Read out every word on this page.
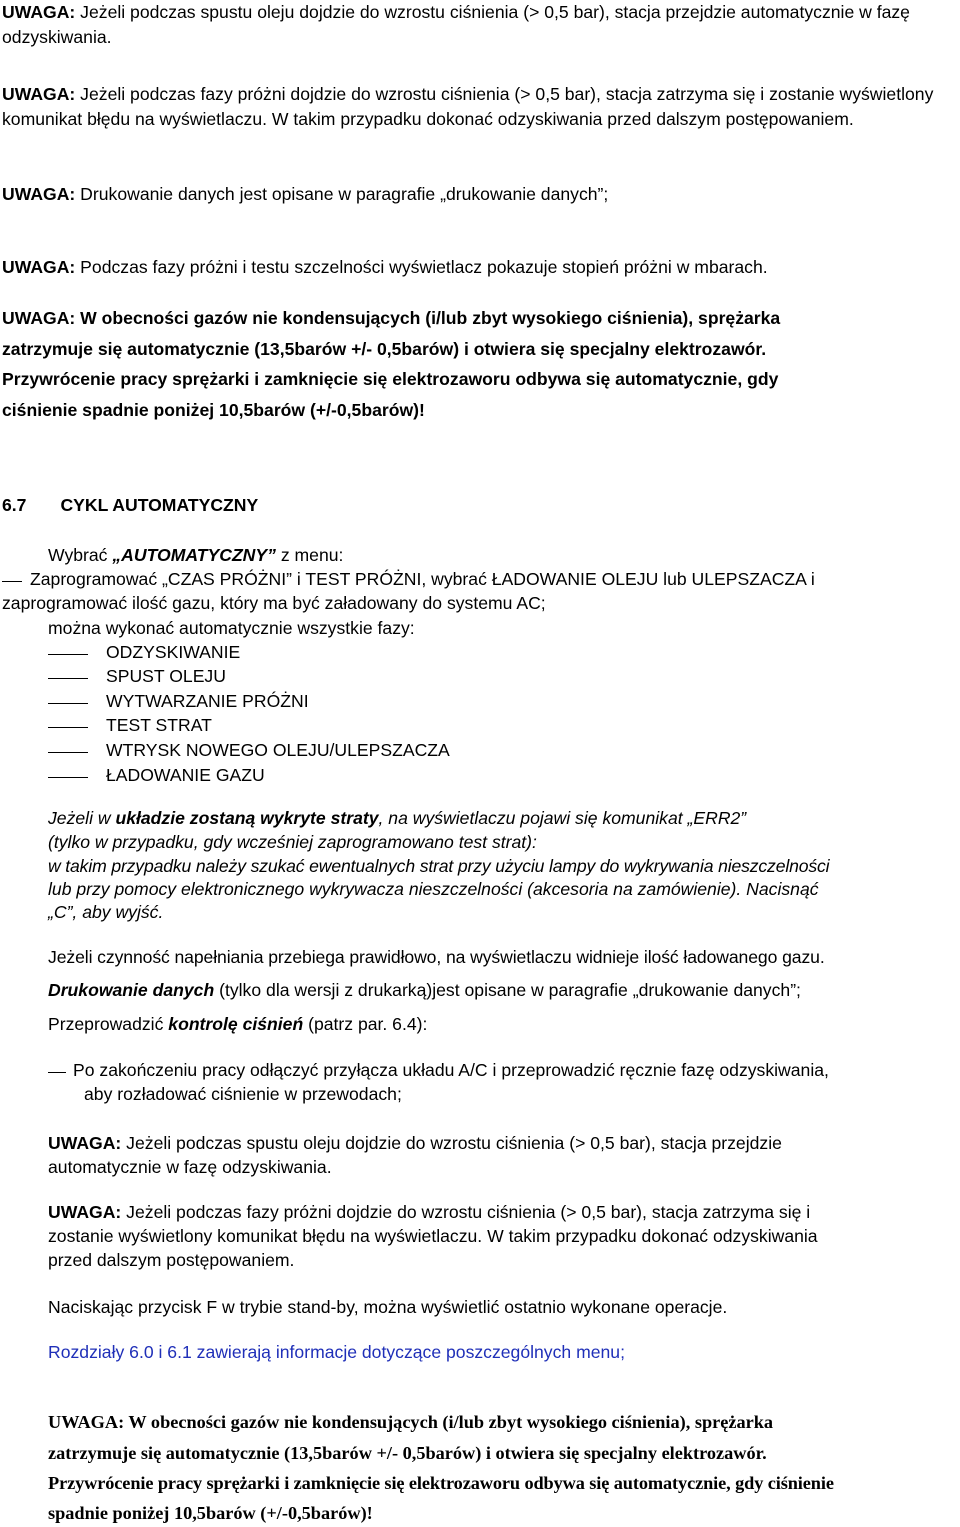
UWAGA: Jeżeli podczas spustu oleju dojdzie do wzrostu ciśnienia (> 0,5 bar), stacja przejdzie automatycznie w fazę odzyskiwania.

UWAGA: Jeżeli podczas fazy próżni dojdzie do wzrostu ciśnienia (> 0,5 bar), stacja zatrzyma się i zostanie wyświetlony komunikat błędu na wyświetlaczu. W takim przypadku dokonać odzyskiwania przed dalszym postępowaniem.

UWAGA: Drukowanie danych jest opisane w paragrafie „drukowanie danych”;

UWAGA: Podczas fazy próżni i testu szczelności wyświetlacz pokazuje stopień próżni w mbarach.

UWAGA: W obecności gazów nie kondensujących (i/lub zbyt wysokiego ciśnienia), sprężarka

zatrzymuje się automatycznie (13,5barów +/- 0,5barów) i otwiera się specjalny elektrozawór.

Przywrócenie pracy sprężarki i zamknięcie się elektrozaworu odbywa się automatycznie, gdy

ciśnienie spadnie poniżej 10,5barów (+/-0,5barów)!

6.7 CYKL AUTOMATYCZNY

Wybrać „AUTOMATYCZNY” z menu:

Zaprogramować „CZAS PRÓŻNI” i TEST PRÓŻNI, wybrać ŁADOWANIE OLEJU lub ULEPSZACZA i

zaprogramować ilość gazu, który ma być załadowany do systemu AC;

można wykonać automatycznie wszystkie fazy:

ODZYSKIWANIE
SPUST OLEJU
WYTWARZANIE PRÓŻNI
TEST STRAT
WTRYSK NOWEGO OLEJU/ULEPSZACZA
ŁADOWANIE GAZU

Jeżeli w układzie zostaną wykryte straty, na wyświetlaczu pojawi się komunikat „ERR2”

(tylko w przypadku, gdy wcześniej zaprogramowano test strat):

w takim przypadku należy szukać ewentualnych strat przy użyciu lampy do wykrywania nieszczelności

lub przy pomocy elektronicznego wykrywacza nieszczelności (akcesoria na zamówienie). Nacisnąć

„C”, aby wyjść.

Jeżeli czynność napełniania przebiega prawidłowo, na wyświetlaczu widnieje ilość ładowanego gazu.

Drukowanie danych (tylko dla wersji z drukarką)jest opisane w paragrafie „drukowanie danych”;

Przeprowadzić kontrolę ciśnień (patrz par. 6.4):

Po zakończeniu pracy odłączyć przyłącza układu A/C i przeprowadzić ręcznie fazę odzyskiwania,

aby rozładować ciśnienie w przewodach;

UWAGA: Jeżeli podczas spustu oleju dojdzie do wzrostu ciśnienia (> 0,5 bar), stacja przejdzie

automatycznie w fazę odzyskiwania.

UWAGA: Jeżeli podczas fazy próżni dojdzie do wzrostu ciśnienia (> 0,5 bar), stacja zatrzyma się i

zostanie wyświetlony komunikat błędu na wyświetlaczu. W takim przypadku dokonać odzyskiwania

przed dalszym postępowaniem.

Naciskając przycisk F w trybie stand-by, można wyświetlić ostatnio wykonane operacje.

Rozdziały 6.0 i 6.1 zawierają informacje dotyczące poszczególnych menu;

UWAGA: W obecności gazów nie kondensujących (i/lub zbyt wysokiego ciśnienia), sprężarka

zatrzymuje się automatycznie (13,5barów +/- 0,5barów) i otwiera się specjalny elektrozawór.

Przywrócenie pracy sprężarki i zamknięcie się elektrozaworu odbywa się automatycznie, gdy ciśnienie

spadnie poniżej 10,5barów (+/-0,5barów)!
